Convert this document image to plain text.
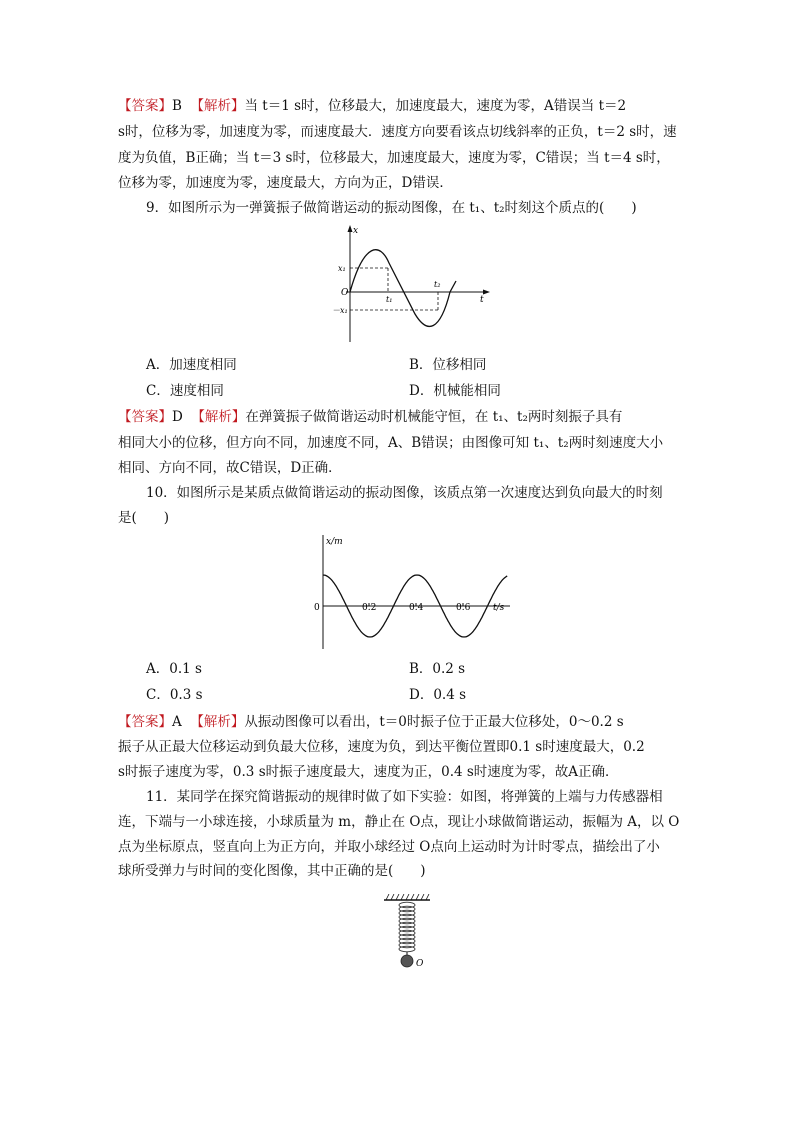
【答案】B 【解析】当 t＝1 s时，位移最大，加速度最大，速度为零，A错误当 t＝2
s时，位移为零，加速度为零，而速度最大．速度方向要看该点切线斜率的正负，t＝2 s时，速
度为负值，B正确；当 t＝3 s时，位移最大，加速度最大，速度为零，C错误；当 t＝4 s时，
位移为零，加速度为零，速度最大，方向为正，D错误．
9．如图所示为一弹簧振子做简谐运动的振动图像，在 t₁、t₂时刻这个质点的(　　)
x
t
O
x₁
－x₁
t₁
t₂
A．加速度相同	B．位移相同
C．速度相同	D．机械能相同
【答案】D 【解析】在弹簧振子做简谐运动时机械能守恒，在 t₁、t₂两时刻振子具有
相同大小的位移，但方向不同，加速度不同，A、B错误；由图像可知 t₁、t₂两时刻速度大小
相同、方向不同，故C错误，D正确．
10．如图所示是某质点做简谐运动的振动图像，该质点第一次速度达到负向最大的时刻
是(　　)
x/m
t/s
0	0.2	0.4	0.6
A．0.1 s	B．0.2 s
C．0.3 s	D．0.4 s
【答案】A 【解析】从振动图像可以看出，t＝0时振子位于正最大位移处，0～0.2 s
振子从正最大位移运动到负最大位移，速度为负，到达平衡位置即0.1 s时速度最大，0.2
s时振子速度为零，0.3 s时振子速度最大，速度为正，0.4 s时速度为零，故A正确．
11．某同学在探究简谐振动的规律时做了如下实验：如图，将弹簧的上端与力传感器相
连，下端与一小球连接，小球质量为 m，静止在 O点，现让小球做简谐运动，振幅为 A，以 O
点为坐标原点，竖直向上为正方向，并取小球经过 O点向上运动时为计时零点，描绘出了小
球所受弹力与时间的变化图像，其中正确的是(　　)
O
